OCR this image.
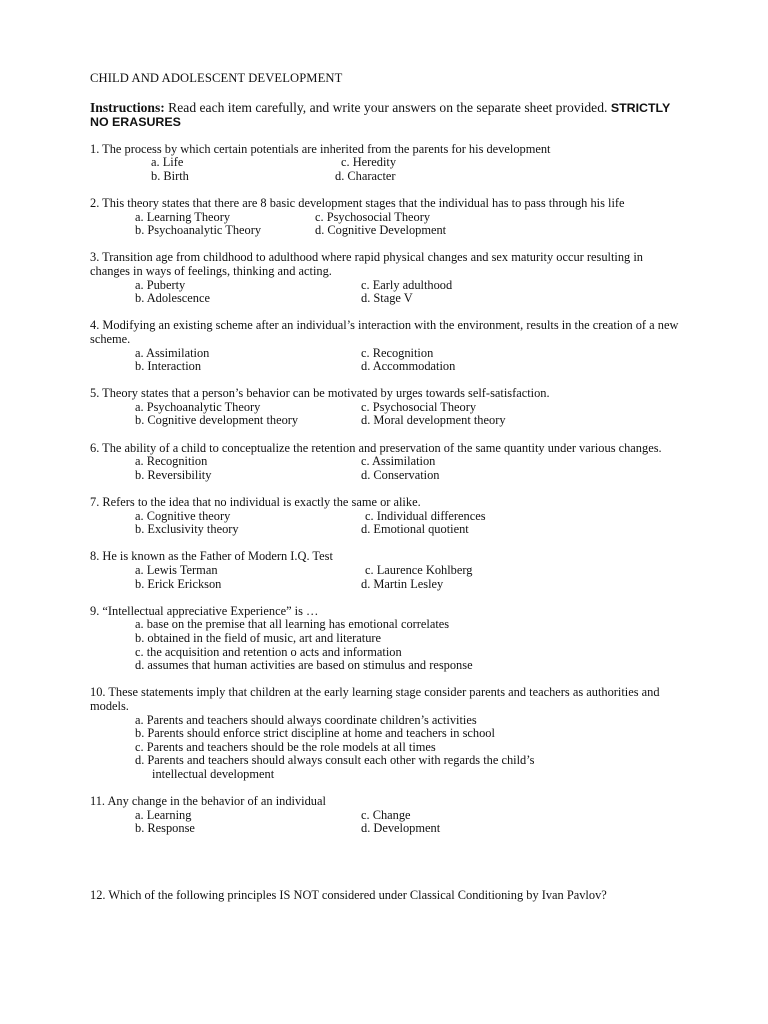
CHILD AND ADOLESCENT DEVELOPMENT

Instructions: Read each item carefully, and write your answers on the separate sheet provided. STRICTLY NO ERASURES

1. The process by which certain potentials are inherited from the parents for his development

a. Life	c. Heredity
b. Birth	d. Character

2. This theory states that there are 8 basic development stages that the individual has to pass through his life

a. Learning Theory	c. Psychosocial Theory
b. Psychoanalytic Theory	d. Cognitive Development

3. Transition age from childhood to adulthood where rapid physical changes and sex maturity occur resulting in changes in ways of feelings, thinking and acting.

a. Puberty	c. Early adulthood
b. Adolescence	d. Stage V

4. Modifying an existing scheme after an individual’s interaction with the environment, results in the creation of a new scheme.

a. Assimilation	c. Recognition
b. Interaction	d. Accommodation

5. Theory states that a person’s behavior can be motivated by urges towards self-satisfaction.

a. Psychoanalytic Theory	c. Psychosocial Theory
b. Cognitive development theory	d. Moral development theory

6. The ability of a child to conceptualize the retention and preservation of the same quantity under various changes.

a. Recognition	c. Assimilation
b. Reversibility	d. Conservation

7. Refers to the idea that no individual is exactly the same or alike.

a. Cognitive theory	c. Individual differences
b. Exclusivity theory	d. Emotional quotient

8. He is known as the Father of Modern I.Q. Test

a. Lewis Terman	c. Laurence Kohlberg
b. Erick Erickson	d. Martin Lesley

9. “Intellectual appreciative Experience” is …

a. base on the premise that all learning has emotional correlates
b. obtained in the field of music, art and literature
c. the acquisition and retention o acts and information
d. assumes that human activities are based on stimulus and response

10. These statements imply that children at the early learning stage consider parents and teachers as authorities and models.

a. Parents and teachers should always coordinate children’s activities
b. Parents should enforce strict discipline at home and teachers in school
c. Parents and teachers should be the role models at all times
d. Parents and teachers should always consult each other with regards the child’s
intellectual development

11. Any change in the behavior of an individual

a. Learning	c. Change
b. Response	d. Development

12. Which of the following principles IS NOT considered under Classical Conditioning by Ivan Pavlov?
